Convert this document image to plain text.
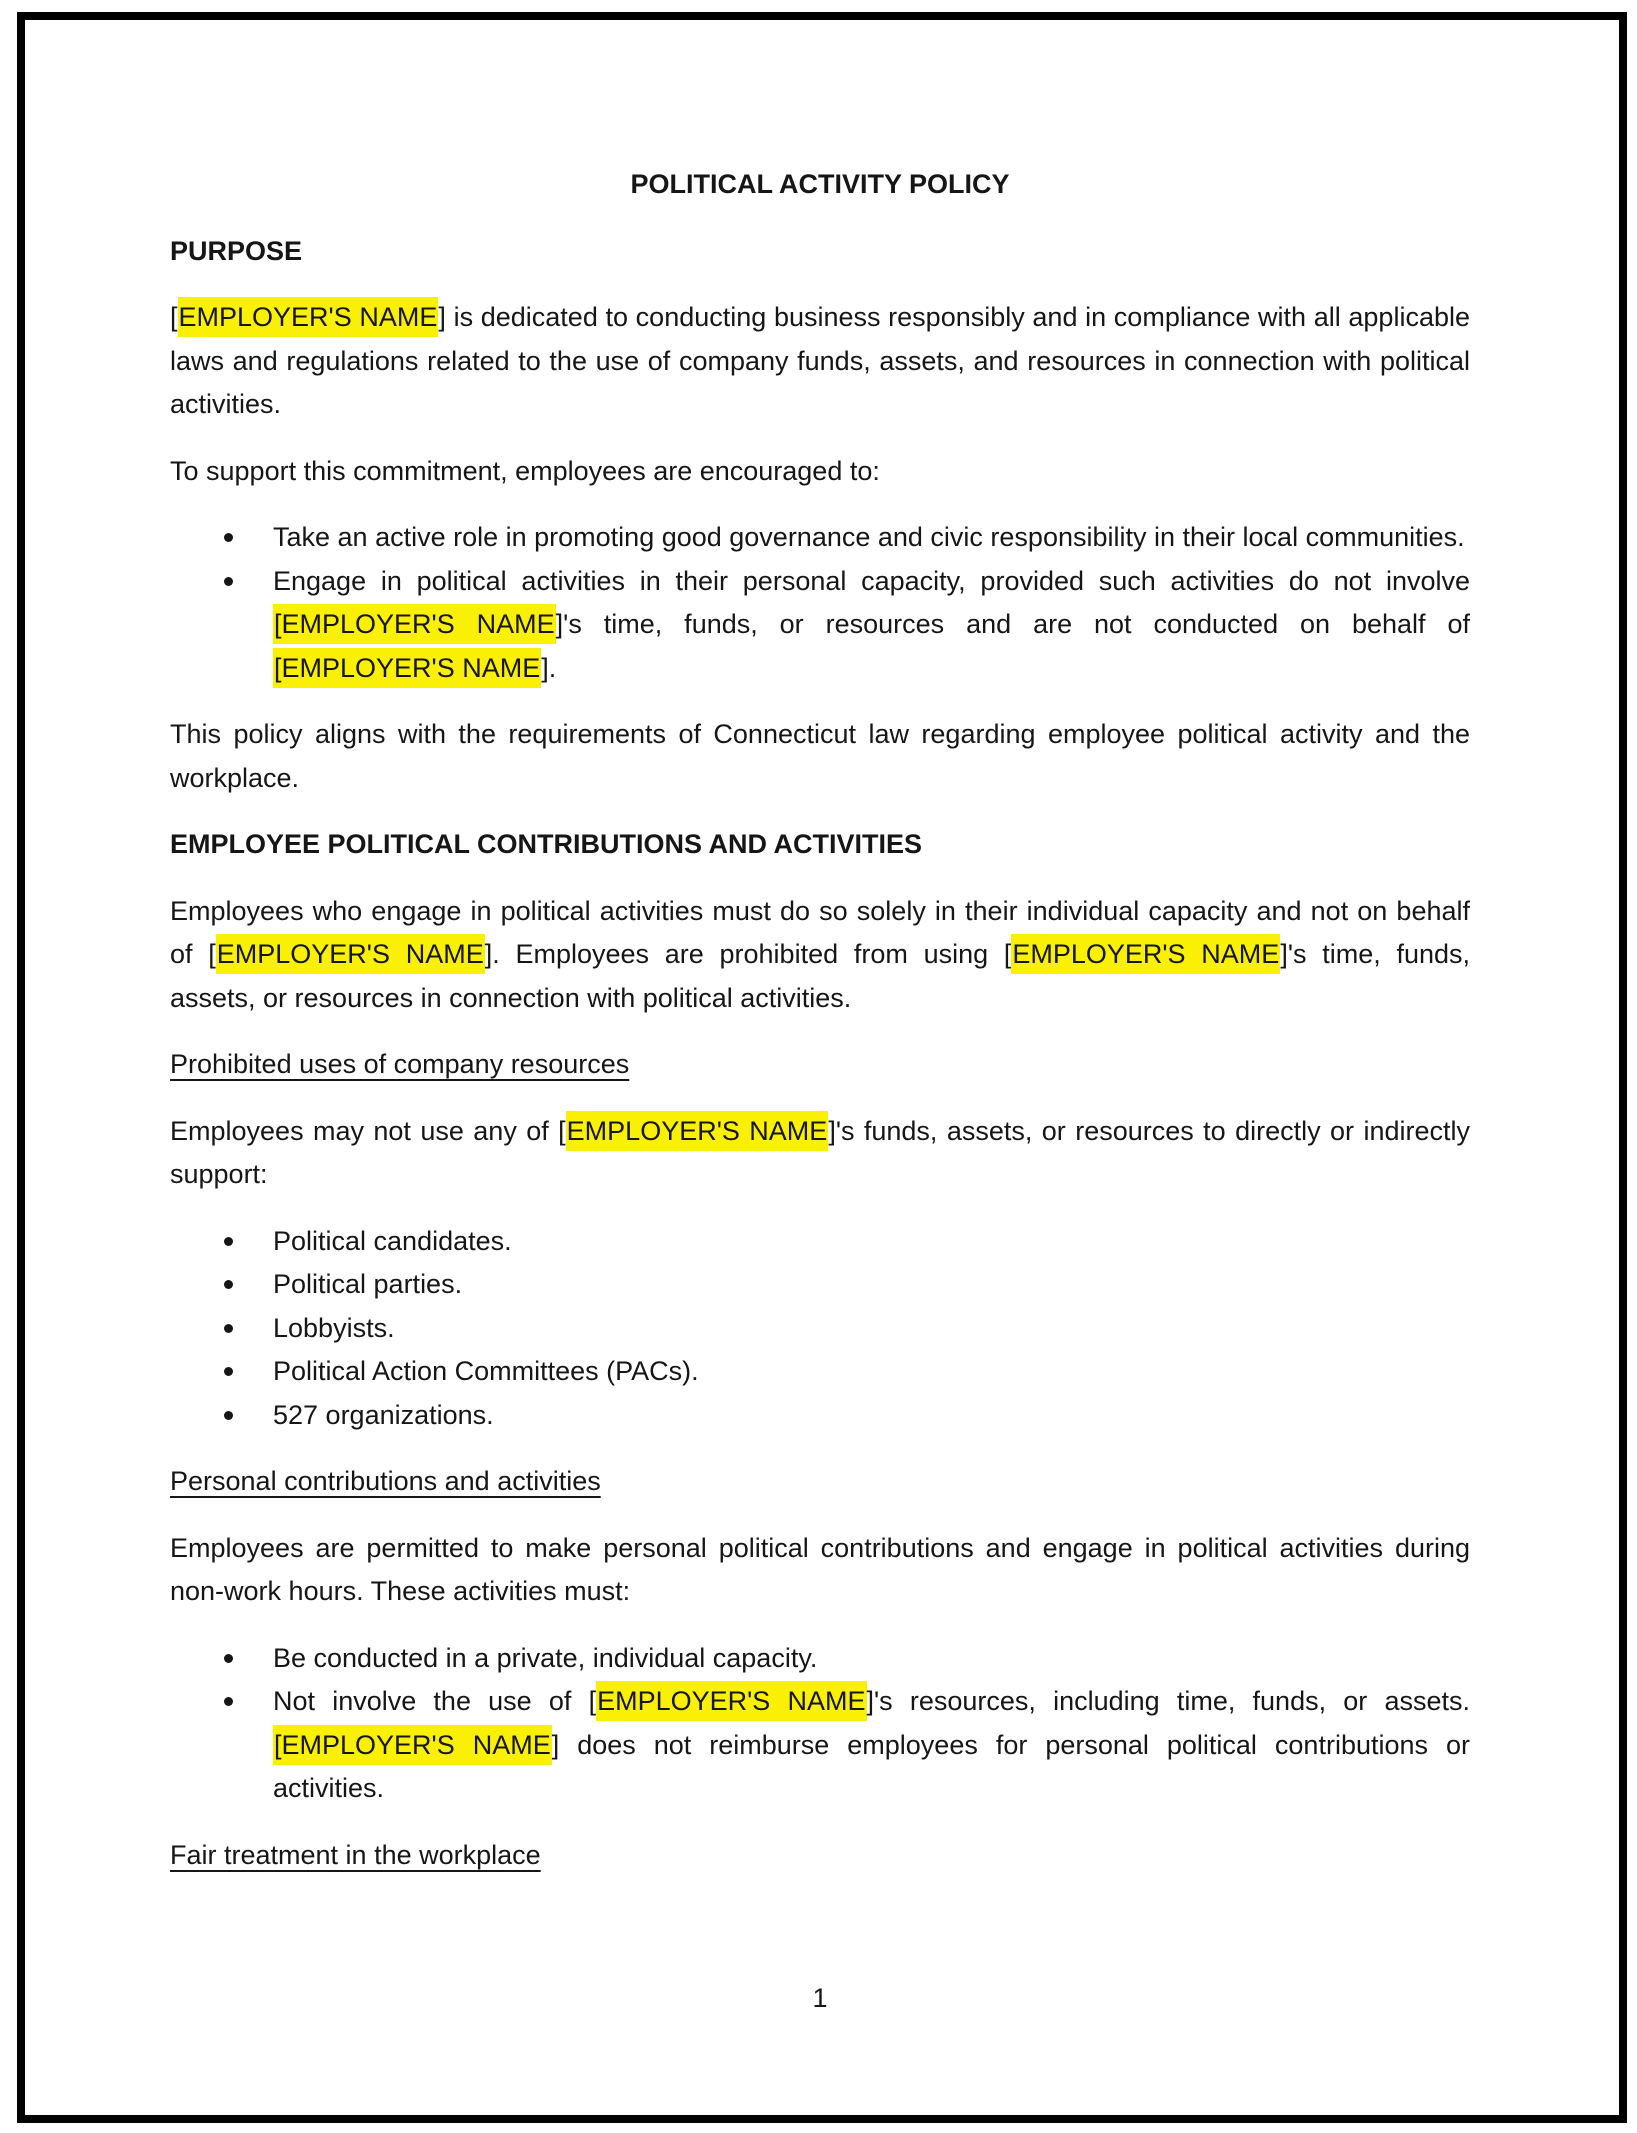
POLITICAL ACTIVITY POLICY
PURPOSE

[EMPLOYER'S NAME] is dedicated to conducting business responsibly and in compliance with all applicable laws and regulations related to the use of company funds, assets, and resources in connection with political activities.

To support this commitment, employees are encouraged to:

Take an active role in promoting good governance and civic responsibility in their local communities.
Engage in political activities in their personal capacity, provided such activities do not involve [EMPLOYER'S NAME]'s time, funds, or resources and are not conducted on behalf of [EMPLOYER'S NAME].

This policy aligns with the requirements of Connecticut law regarding employee political activity and the workplace.

EMPLOYEE POLITICAL CONTRIBUTIONS AND ACTIVITIES

Employees who engage in political activities must do so solely in their individual capacity and not on behalf of [EMPLOYER'S NAME]. Employees are prohibited from using [EMPLOYER'S NAME]'s time, funds, assets, or resources in connection with political activities.

Prohibited uses of company resources

Employees may not use any of [EMPLOYER'S NAME]'s funds, assets, or resources to directly or indirectly support:

Political candidates.
Political parties.
Lobbyists.
Political Action Committees (PACs).
527 organizations.
Personal contributions and activities

Employees are permitted to make personal political contributions and engage in political activities during non-work hours. These activities must:

Be conducted in a private, individual capacity.
Not involve the use of [EMPLOYER'S NAME]'s resources, including time, funds, or assets. [EMPLOYER'S NAME] does not reimburse employees for personal political contributions or activities.
Fair treatment in the workplace
1
